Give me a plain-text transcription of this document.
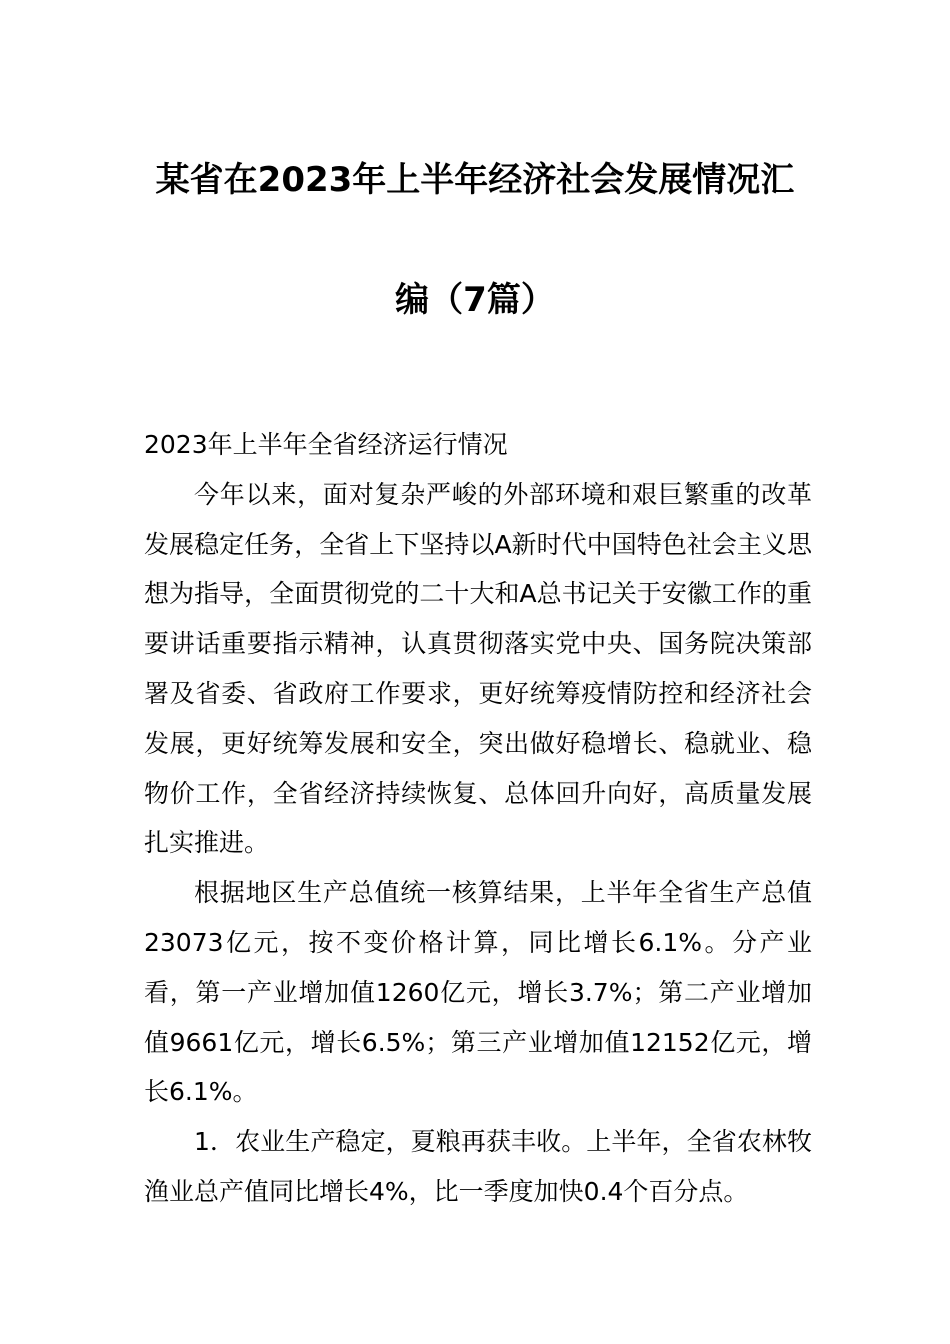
某省在2023年上半年经济社会发展情况汇
编（7篇）

2023年上半年全省经济运行情况

今年以来，面对复杂严峻的外部环境和艰巨繁重的改革发展稳定任务，全省上下坚持以A新时代中国特色社会主义思想为指导，全面贯彻党的二十大和A总书记关于安徽工作的重要讲话重要指示精神，认真贯彻落实党中央、国务院决策部署及省委、省政府工作要求，更好统筹疫情防控和经济社会发展，更好统筹发展和安全，突出做好稳增长、稳就业、稳物价工作，全省经济持续恢复、总体回升向好，高质量发展扎实推进。

根据地区生产总值统一核算结果，上半年全省生产总值23073亿元，按不变价格计算，同比增长6.1%。分产业看，第一产业增加值1260亿元，增长3.7%；第二产业增加值9661亿元，增长6.5%；第三产业增加值12152亿元，增长6.1%。

1．农业生产稳定，夏粮再获丰收。上半年，全省农林牧渔业总产值同比增长4%，比一季度加快0.4个百分点。
